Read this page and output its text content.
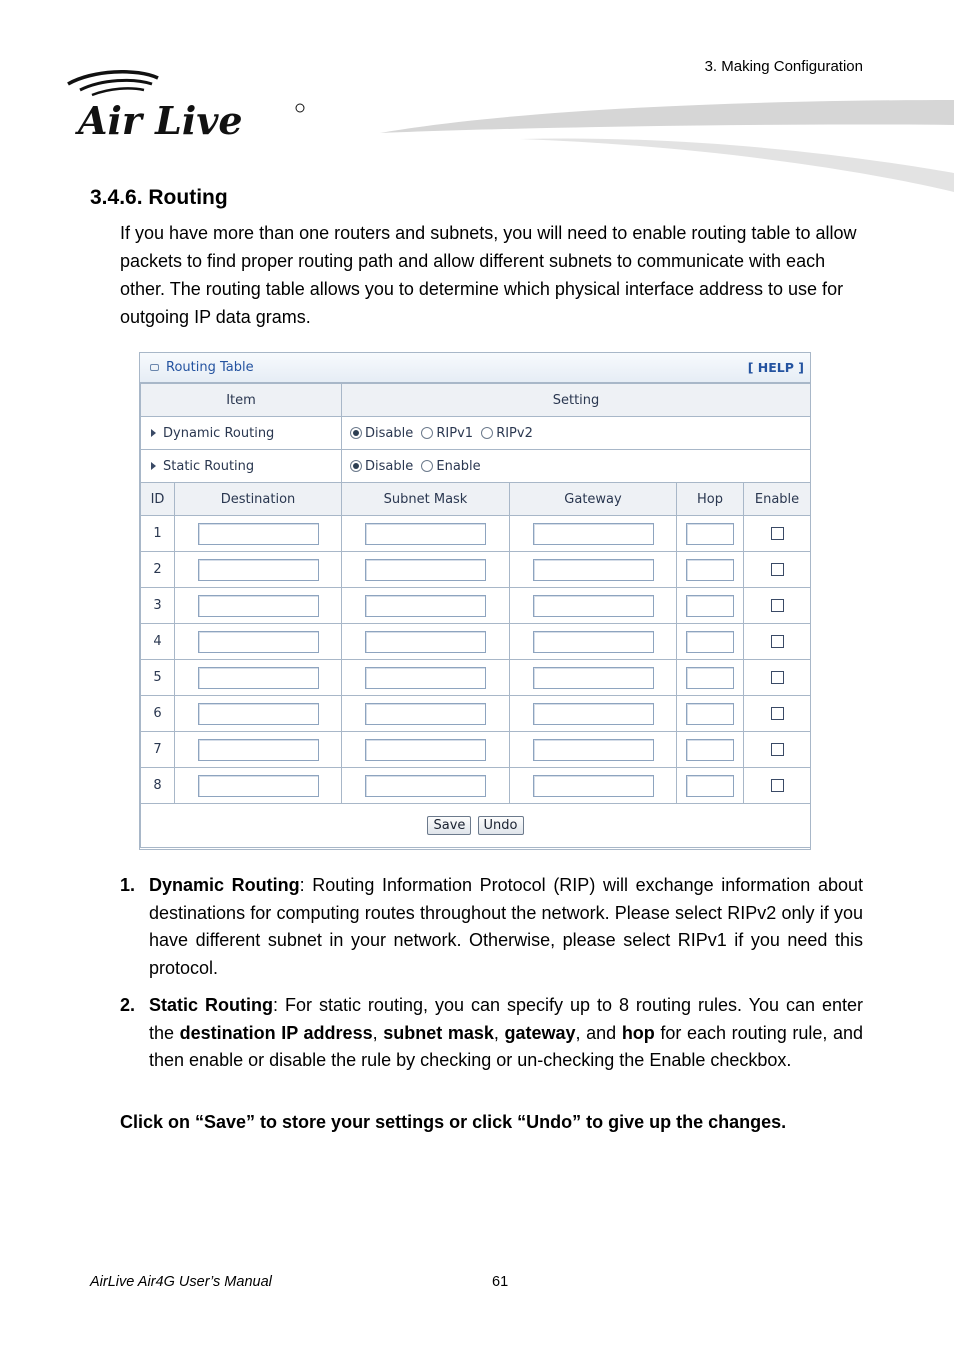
3. Making Configuration
Air Live
3.4.6. Routing
If you have more than one routers and subnets, you will need to enable routing table to allow packets to find proper routing path and allow different subnets to communicate with each other. The routing table allows you to determine which physical interface address to use for outgoing IP data grams.
Routing Table	[ HELP ]
Item		Setting			
Dynamic Routing		Disable RIPv1 RIPv2			
Static Routing		Disable Enable			
ID	Destination	Subnet Mask	Gateway	Hop	Enable
1					
2					
3					
4					
5					
6					
7					
8					
Save Undo					
1. Dynamic Routing: Routing Information Protocol (RIP) will exchange information about destinations for computing routes throughout the network. Please select RIPv2 only if you have different subnet in your network. Otherwise, please select RIPv1 if you need this protocol.
2. Static Routing: For static routing, you can specify up to 8 routing rules. You can enter the destination IP address, subnet mask, gateway, and hop for each routing rule, and then enable or disable the rule by checking or un-checking the Enable checkbox.
Click on “Save” to store your settings or click “Undo” to give up the changes.
AirLive Air4G User’s Manual	61
